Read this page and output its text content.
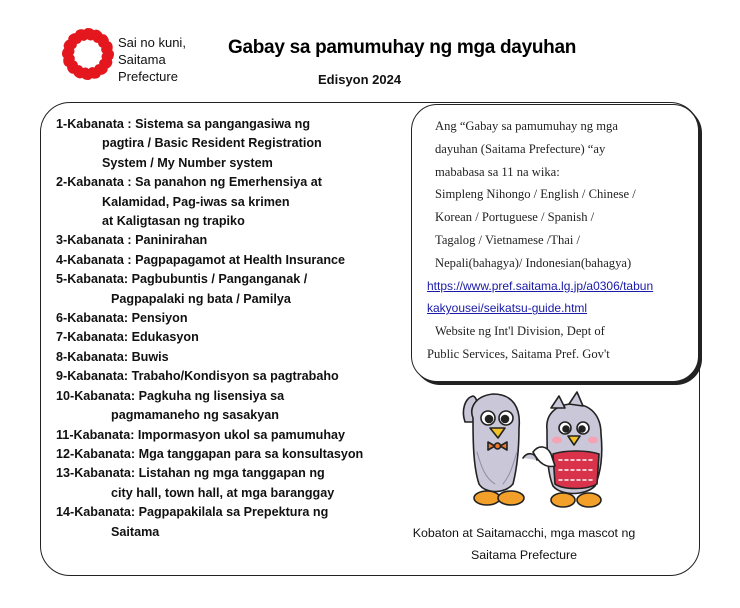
Sai no kuni,
Saitama
Prefecture
Gabay sa pamumuhay ng mga dayuhan
Edisyon 2024
1-Kabanata : Sistema sa pangangasiwa ng
pagtira / Basic Resident Registration
System / My Number system
2-Kabanata : Sa panahon ng Emerhensiya at
Kalamidad, Pag-iwas sa krimen
at Kaligtasan ng trapiko
3-Kabanata : Paninirahan
4-Kabanata : Pagpapagamot at Health Insurance
5-Kabanata: Pagbubuntis / Panganganak /
Pagpapalaki ng bata / Pamilya
6-Kabanata: Pensiyon
7-Kabanata: Edukasyon
8-Kabanata: Buwis
9-Kabanata: Trabaho/Kondisyon sa pagtrabaho
10-Kabanata: Pagkuha ng lisensiya sa
pagmamaneho ng sasakyan
11-Kabanata: Impormasyon ukol sa pamumuhay
12-Kabanata: Mga tanggapan para sa konsultasyon
13-Kabanata: Listahan ng mga tanggapan ng
city hall, town hall, at mga baranggay
14-Kabanata: Pagpapakilala sa Prepektura ng
Saitama
Ang “Gabay sa pamumuhay ng mga
dayuhan (Saitama Prefecture) “ay
mababasa sa 11 na wika:
Simpleng Nihongo / English / Chinese /
Korean / Portuguese / Spanish /
Tagalog / Vietnamese /Thai /
Nepali(bahagya)/ Indonesian(bahagya)
https://www.pref.saitama.lg.jp/a0306/tabun
kakyousei/seikatsu-guide.html
Website ng Int'l Division, Dept of
Public Services, Saitama Pref. Gov't
Kobaton at Saitamacchi, mga mascot ng
Saitama Prefecture
